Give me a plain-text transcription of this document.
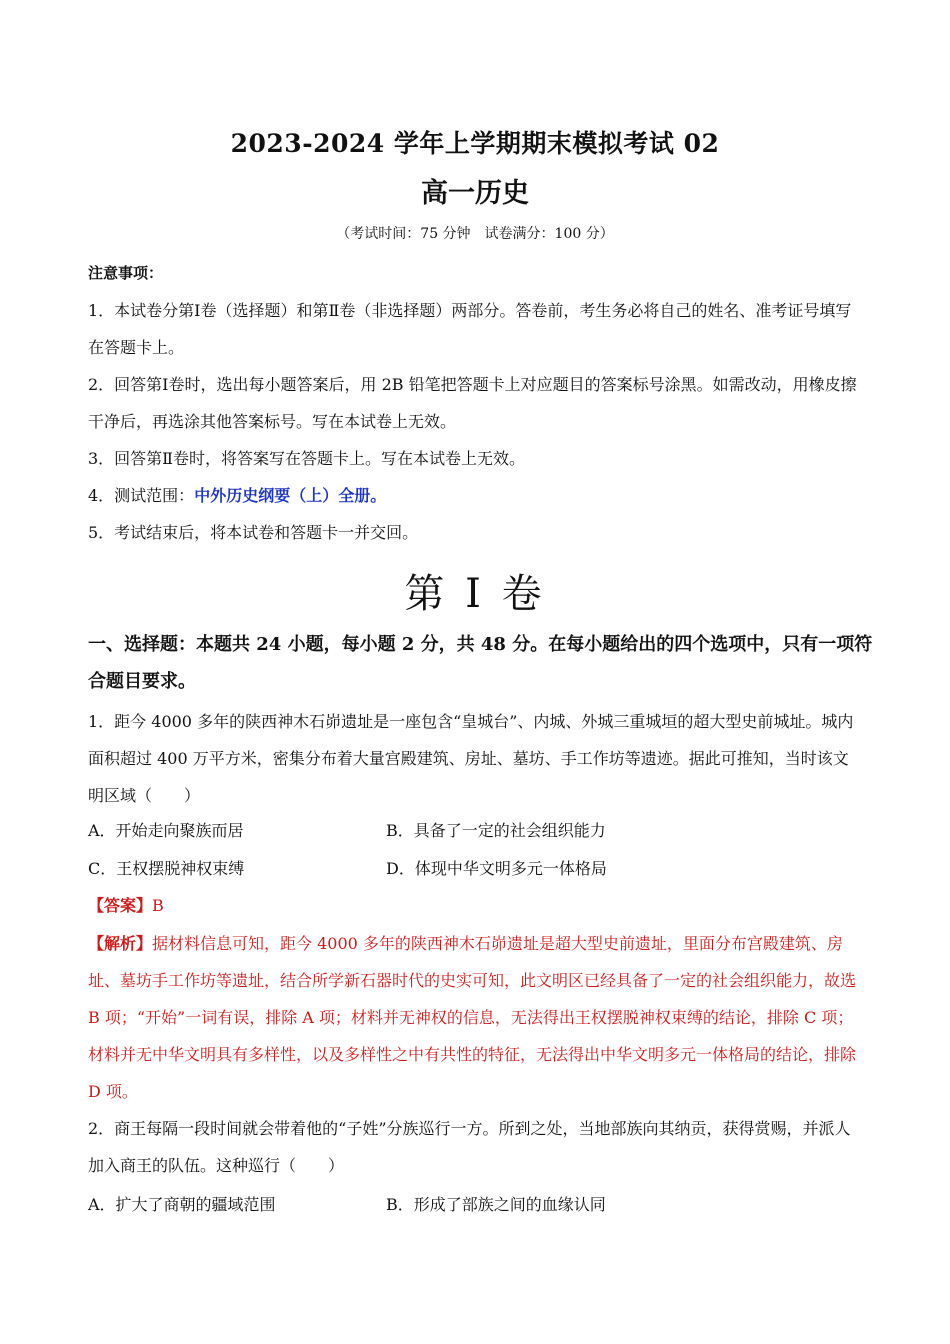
2023-2024 学年上学期期末模拟考试 02
高一历史
（考试时间：75 分钟　试卷满分：100 分）
注意事项：
1．本试卷分第Ⅰ卷（选择题）和第Ⅱ卷（非选择题）两部分。答卷前，考生务必将自己的姓名、准考证号填写在答题卡上。
2．回答第Ⅰ卷时，选出每小题答案后，用 2B 铅笔把答题卡上对应题目的答案标号涂黑。如需改动，用橡皮擦干净后，再选涂其他答案标号。写在本试卷上无效。
3．回答第Ⅱ卷时，将答案写在答题卡上。写在本试卷上无效。
4．测试范围：中外历史纲要（上）全册。
5．考试结束后，将本试卷和答题卡一并交回。
第 I 卷
一、选择题：本题共 24 小题，每小题 2 分，共 48 分。在每小题给出的四个选项中，只有一项符合题目要求。
1．距今 4000 多年的陕西神木石峁遗址是一座包含“皇城台”、内城、外城三重城垣的超大型史前城址。城内面积超过 400 万平方米，密集分布着大量宫殿建筑、房址、墓坊、手工作坊等遗迹。据此可推知，当时该文明区域（　　）
A．开始走向聚族而居	B．具备了一定的社会组织能力
C．王权摆脱神权束缚	D．体现中华文明多元一体格局
【答案】B
【解析】据材料信息可知，距今 4000 多年的陕西神木石峁遗址是超大型史前遗址，里面分布宫殿建筑、房址、墓坊手工作坊等遗址，结合所学新石器时代的史实可知，此文明区已经具备了一定的社会组织能力，故选 B 项；“开始”一词有误，排除 A 项；材料并无神权的信息，无法得出王权摆脱神权束缚的结论，排除 C 项；材料并无中华文明具有多样性，以及多样性之中有共性的特征，无法得出中华文明多元一体格局的结论，排除 D 项。
2．商王每隔一段时间就会带着他的“子姓”分族巡行一方。所到之处，当地部族向其纳贡，获得赏赐，并派人加入商王的队伍。这种巡行（　　）
A．扩大了商朝的疆域范围	B．形成了部族之间的血缘认同
